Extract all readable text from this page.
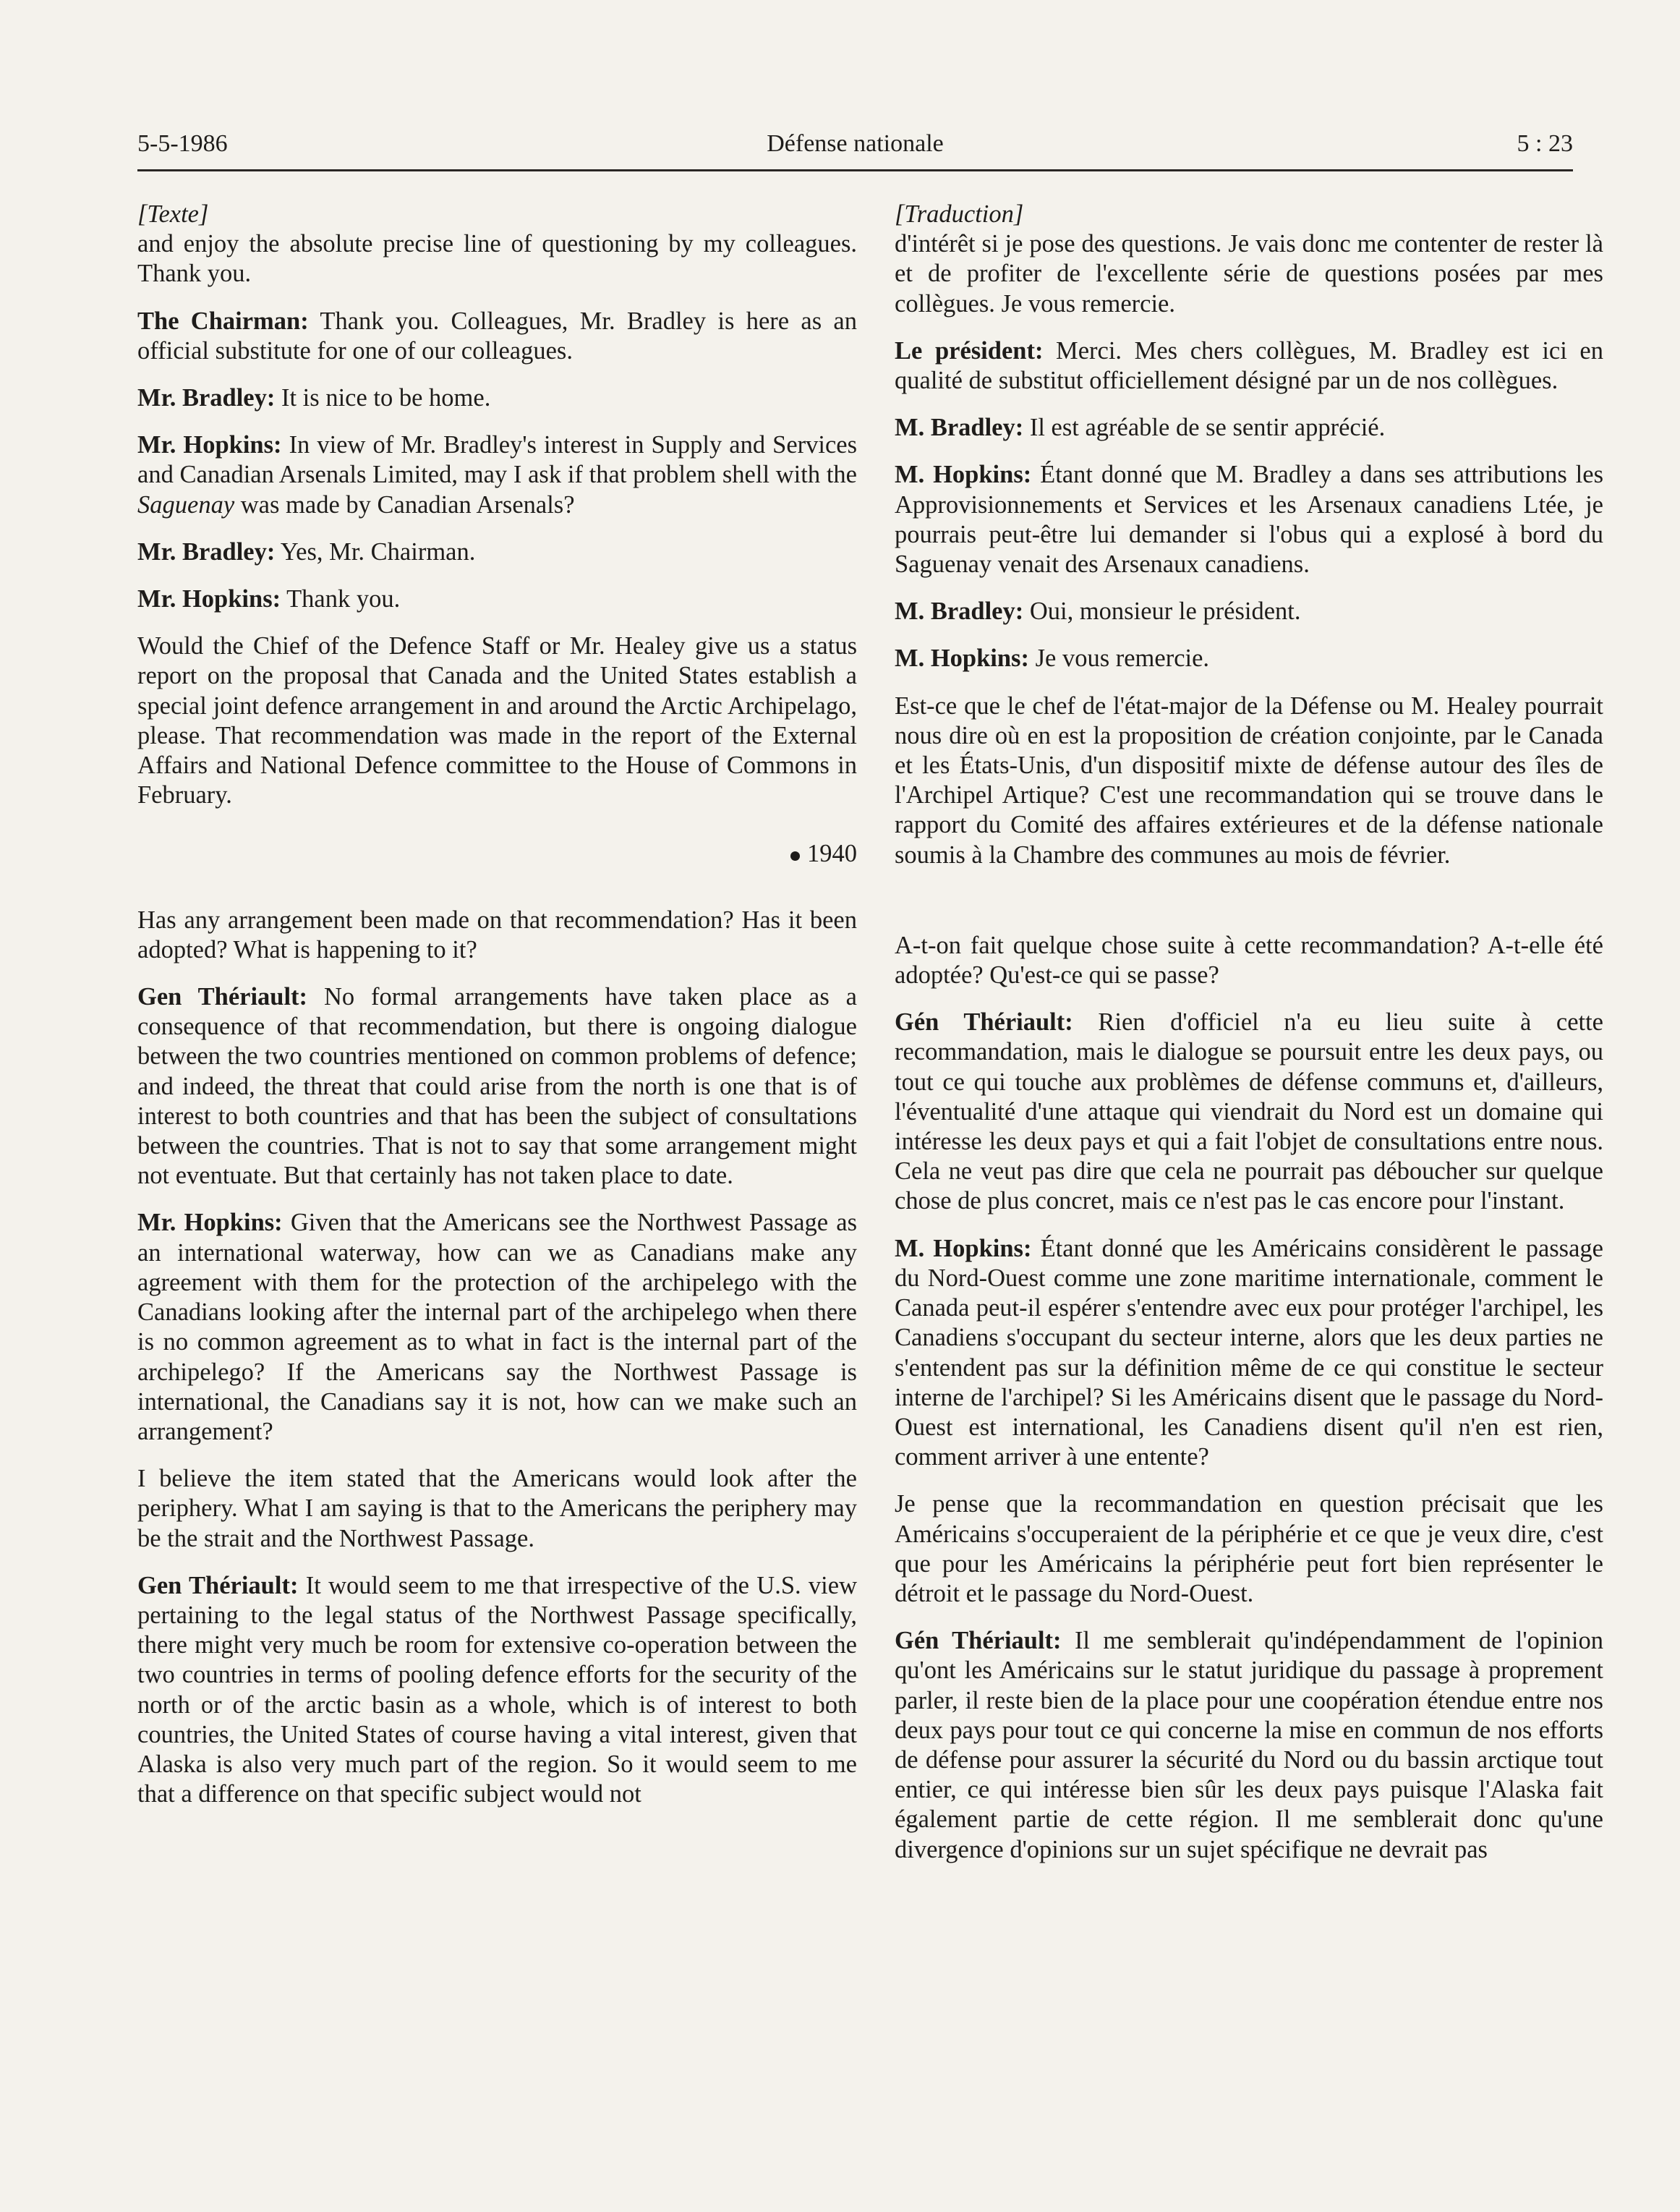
5-5-1986	Défense nationale	5 : 23

[Texte]

and enjoy the absolute precise line of questioning by my colleagues. Thank you.

The Chairman: Thank you. Colleagues, Mr. Bradley is here as an official substitute for one of our colleagues.

Mr. Bradley: It is nice to be home.

Mr. Hopkins: In view of Mr. Bradley's interest in Supply and Services and Canadian Arsenals Limited, may I ask if that problem shell with the Saguenay was made by Canadian Arsenals?

Mr. Bradley: Yes, Mr. Chairman.

Mr. Hopkins: Thank you.

Would the Chief of the Defence Staff or Mr. Healey give us a status report on the proposal that Canada and the United States establish a special joint defence arrangement in and around the Arctic Archipelago, please. That recommendation was made in the report of the External Affairs and National Defence committee to the House of Commons in February.

1940

Has any arrangement been made on that recommendation? Has it been adopted? What is happening to it?

Gen Thériault: No formal arrangements have taken place as a consequence of that recommendation, but there is ongoing dialogue between the two countries mentioned on common problems of defence; and indeed, the threat that could arise from the north is one that is of interest to both countries and that has been the subject of consultations between the countries. That is not to say that some arrangement might not eventuate. But that certainly has not taken place to date.

Mr. Hopkins: Given that the Americans see the Northwest Passage as an international waterway, how can we as Canadians make any agreement with them for the protection of the archipelego with the Canadians looking after the internal part of the archipelego when there is no common agreement as to what in fact is the internal part of the archipelego? If the Americans say the Northwest Passage is international, the Canadians say it is not, how can we make such an arrangement?

I believe the item stated that the Americans would look after the periphery. What I am saying is that to the Americans the periphery may be the strait and the Northwest Passage.

Gen Thériault: It would seem to me that irrespective of the U.S. view pertaining to the legal status of the Northwest Passage specifically, there might very much be room for extensive co-operation between the two countries in terms of pooling defence efforts for the security of the north or of the arctic basin as a whole, which is of interest to both countries, the United States of course having a vital interest, given that Alaska is also very much part of the region. So it would seem to me that a difference on that specific subject would not

[Traduction]

d'intérêt si je pose des questions. Je vais donc me contenter de rester là et de profiter de l'excellente série de questions posées par mes collègues. Je vous remercie.

Le président: Merci. Mes chers collègues, M. Bradley est ici en qualité de substitut officiellement désigné par un de nos collègues.

M. Bradley: Il est agréable de se sentir apprécié.

M. Hopkins: Étant donné que M. Bradley a dans ses attributions les Approvisionnements et Services et les Arsenaux canadiens Ltée, je pourrais peut-être lui demander si l'obus qui a explosé à bord du Saguenay venait des Arsenaux canadiens.

M. Bradley: Oui, monsieur le président.

M. Hopkins: Je vous remercie.

Est-ce que le chef de l'état-major de la Défense ou M. Healey pourrait nous dire où en est la proposition de création conjointe, par le Canada et les États-Unis, d'un dispositif mixte de défense autour des îles de l'Archipel Artique? C'est une recommandation qui se trouve dans le rapport du Comité des affaires extérieures et de la défense nationale soumis à la Chambre des communes au mois de février.

A-t-on fait quelque chose suite à cette recommandation? A-t-elle été adoptée? Qu'est-ce qui se passe?

Gén Thériault: Rien d'officiel n'a eu lieu suite à cette recommandation, mais le dialogue se poursuit entre les deux pays, ou tout ce qui touche aux problèmes de défense communs et, d'ailleurs, l'éventualité d'une attaque qui viendrait du Nord est un domaine qui intéresse les deux pays et qui a fait l'objet de consultations entre nous. Cela ne veut pas dire que cela ne pourrait pas déboucher sur quelque chose de plus concret, mais ce n'est pas le cas encore pour l'instant.

M. Hopkins: Étant donné que les Américains considèrent le passage du Nord-Ouest comme une zone maritime internationale, comment le Canada peut-il espérer s'entendre avec eux pour protéger l'archipel, les Canadiens s'occupant du secteur interne, alors que les deux parties ne s'entendent pas sur la définition même de ce qui constitue le secteur interne de l'archipel? Si les Américains disent que le passage du Nord-Ouest est international, les Canadiens disent qu'il n'en est rien, comment arriver à une entente?

Je pense que la recommandation en question précisait que les Américains s'occuperaient de la périphérie et ce que je veux dire, c'est que pour les Américains la périphérie peut fort bien représenter le détroit et le passage du Nord-Ouest.

Gén Thériault: Il me semblerait qu'indépendamment de l'opinion qu'ont les Américains sur le statut juridique du passage à proprement parler, il reste bien de la place pour une coopération étendue entre nos deux pays pour tout ce qui concerne la mise en commun de nos efforts de défense pour assurer la sécurité du Nord ou du bassin arctique tout entier, ce qui intéresse bien sûr les deux pays puisque l'Alaska fait également partie de cette région. Il me semblerait donc qu'une divergence d'opinions sur un sujet spécifique ne devrait pas
